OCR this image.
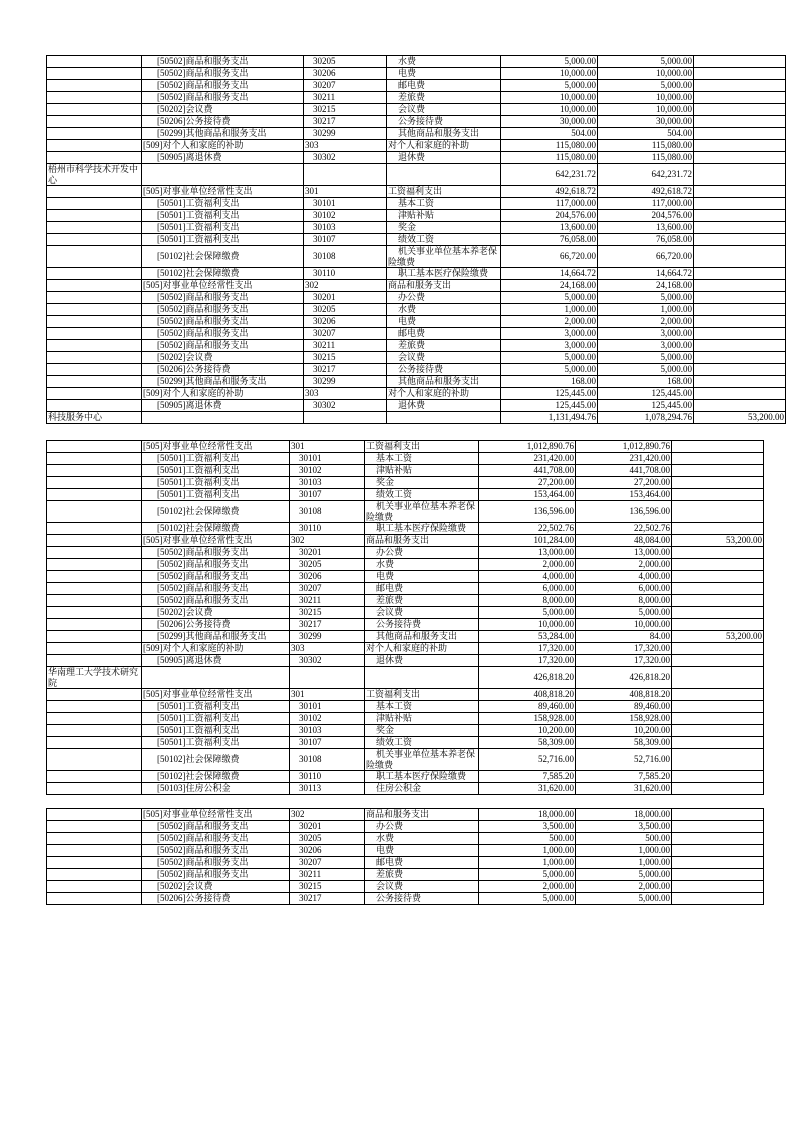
	[50502]商品和服务支出	30205	水费	5,000.00	5,000.00	
	[50502]商品和服务支出	30206	电费	10,000.00	10,000.00	
	[50502]商品和服务支出	30207	邮电费	5,000.00	5,000.00	
	[50502]商品和服务支出	30211	差旅费	10,000.00	10,000.00	
	[50202]会议费	30215	会议费	10,000.00	10,000.00	
	[50206]公务接待费	30217	公务接待费	30,000.00	30,000.00	
	[50299]其他商品和服务支出	30299	其他商品和服务支出	504.00	504.00	
	[509]对个人和家庭的补助	303	对个人和家庭的补助	115,080.00	115,080.00	
	[50905]离退休费	30302	退休费	115,080.00	115,080.00	
梧州市科学技术开发中心				642,231.72	642,231.72	
	[505]对事业单位经常性支出	301	工资福利支出	492,618.72	492,618.72	
	[50501]工资福利支出	30101	基本工资	117,000.00	117,000.00	
	[50501]工资福利支出	30102	津贴补贴	204,576.00	204,576.00	
	[50501]工资福利支出	30103	奖金	13,600.00	13,600.00	
	[50501]工资福利支出	30107	绩效工资	76,058.00	76,058.00	
	[50102]社会保障缴费	30108	机关事业单位基本养老保险缴费	66,720.00	66,720.00	
	[50102]社会保障缴费	30110	职工基本医疗保险缴费	14,664.72	14,664.72	
	[505]对事业单位经常性支出	302	商品和服务支出	24,168.00	24,168.00	
	[50502]商品和服务支出	30201	办公费	5,000.00	5,000.00	
	[50502]商品和服务支出	30205	水费	1,000.00	1,000.00	
	[50502]商品和服务支出	30206	电费	2,000.00	2,000.00	
	[50502]商品和服务支出	30207	邮电费	3,000.00	3,000.00	
	[50502]商品和服务支出	30211	差旅费	3,000.00	3,000.00	
	[50202]会议费	30215	会议费	5,000.00	5,000.00	
	[50206]公务接待费	30217	公务接待费	5,000.00	5,000.00	
	[50299]其他商品和服务支出	30299	其他商品和服务支出	168.00	168.00	
	[509]对个人和家庭的补助	303	对个人和家庭的补助	125,445.00	125,445.00	
	[50905]离退休费	30302	退休费	125,445.00	125,445.00	
科技服务中心				1,131,494.76	1,078,294.76	53,200.00
	[505]对事业单位经常性支出	301	工资福利支出	1,012,890.76	1,012,890.76	
	[50501]工资福利支出	30101	基本工资	231,420.00	231,420.00	
	[50501]工资福利支出	30102	津贴补贴	441,708.00	441,708.00	
	[50501]工资福利支出	30103	奖金	27,200.00	27,200.00	
	[50501]工资福利支出	30107	绩效工资	153,464.00	153,464.00	
	[50102]社会保障缴费	30108	机关事业单位基本养老保险缴费	136,596.00	136,596.00	
	[50102]社会保障缴费	30110	职工基本医疗保险缴费	22,502.76	22,502.76	
	[505]对事业单位经常性支出	302	商品和服务支出	101,284.00	48,084.00	53,200.00
	[50502]商品和服务支出	30201	办公费	13,000.00	13,000.00	
	[50502]商品和服务支出	30205	水费	2,000.00	2,000.00	
	[50502]商品和服务支出	30206	电费	4,000.00	4,000.00	
	[50502]商品和服务支出	30207	邮电费	6,000.00	6,000.00	
	[50502]商品和服务支出	30211	差旅费	8,000.00	8,000.00	
	[50202]会议费	30215	会议费	5,000.00	5,000.00	
	[50206]公务接待费	30217	公务接待费	10,000.00	10,000.00	
	[50299]其他商品和服务支出	30299	其他商品和服务支出	53,284.00	84.00	53,200.00
	[509]对个人和家庭的补助	303	对个人和家庭的补助	17,320.00	17,320.00	
	[50905]离退休费	30302	退休费	17,320.00	17,320.00	
华南理工大学技术研究院				426,818.20	426,818.20	
	[505]对事业单位经常性支出	301	工资福利支出	408,818.20	408,818.20	
	[50501]工资福利支出	30101	基本工资	89,460.00	89,460.00	
	[50501]工资福利支出	30102	津贴补贴	158,928.00	158,928.00	
	[50501]工资福利支出	30103	奖金	10,200.00	10,200.00	
	[50501]工资福利支出	30107	绩效工资	58,309.00	58,309.00	
	[50102]社会保障缴费	30108	机关事业单位基本养老保险缴费	52,716.00	52,716.00	
	[50102]社会保障缴费	30110	职工基本医疗保险缴费	7,585.20	7,585.20	
	[50103]住房公积金	30113	住房公积金	31,620.00	31,620.00	
	[505]对事业单位经常性支出	302	商品和服务支出	18,000.00	18,000.00	
	[50502]商品和服务支出	30201	办公费	3,500.00	3,500.00	
	[50502]商品和服务支出	30205	水费	500.00	500.00	
	[50502]商品和服务支出	30206	电费	1,000.00	1,000.00	
	[50502]商品和服务支出	30207	邮电费	1,000.00	1,000.00	
	[50502]商品和服务支出	30211	差旅费	5,000.00	5,000.00	
	[50202]会议费	30215	会议费	2,000.00	2,000.00	
	[50206]公务接待费	30217	公务接待费	5,000.00	5,000.00	
